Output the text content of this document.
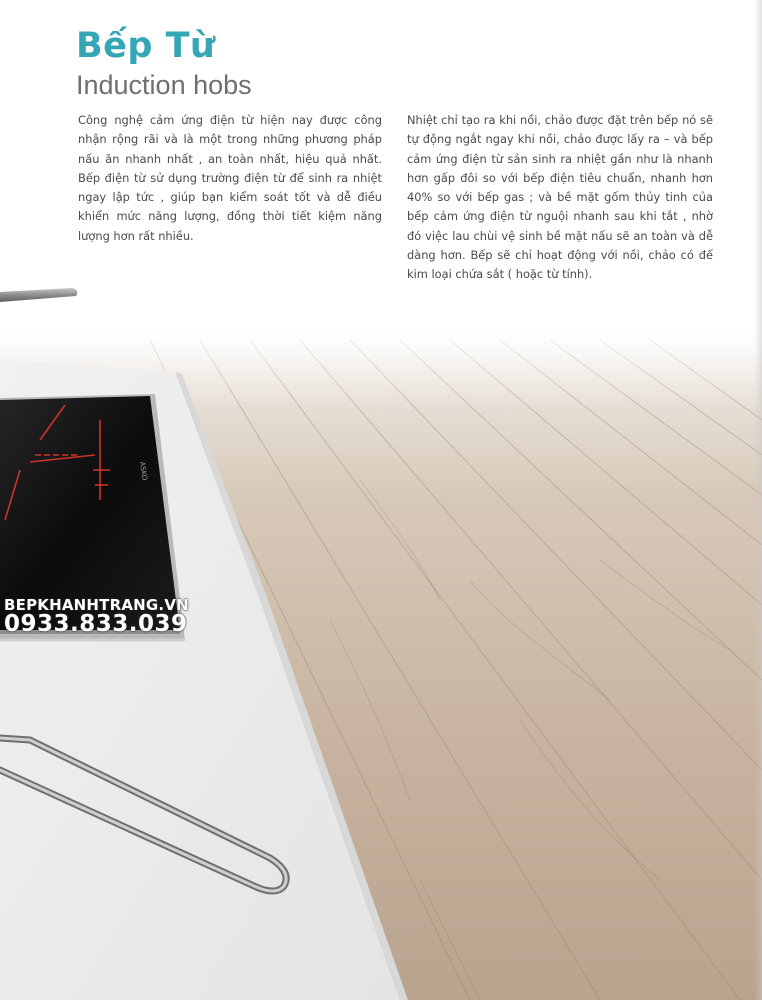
ASKO
Bếp Từ
Induction hobs

Công nghệ cảm ứng điện từ hiện nay được công nhận rộng rãi và là một trong những phương pháp nấu ăn nhanh nhất , an toàn nhất, hiệu quả nhất. Bếp điện từ sử dụng trường điện từ để sinh ra nhiệt ngay lập tức , giúp bạn kiểm soát tốt và dễ điều khiển mức năng lượng, đồng thời tiết kiệm năng lượng hơn rất nhiều.

Nhiệt chỉ tạo ra khi nồi, chảo được đặt trên bếp nó sẽ tự động ngắt ngay khi nồi, chảo được lấy ra – và bếp cảm ứng điện từ sản sinh ra nhiệt gần như là nhanh hơn gấp đôi so với bếp điện tiêu chuẩn, nhanh hơn 40% so với bếp gas ; và bề mặt gốm thủy tinh của bếp cảm ứng điện từ nguội nhanh sau khi tắt , nhờ đó việc lau chùi vệ sinh bề mặt nấu sẽ an toàn và dễ dàng hơn. Bếp sẽ chỉ hoạt động với nồi, chảo có đế kim loại chứa sắt ( hoặc từ tính).

BEPKHANHTRANG.VN
0933.833.039
